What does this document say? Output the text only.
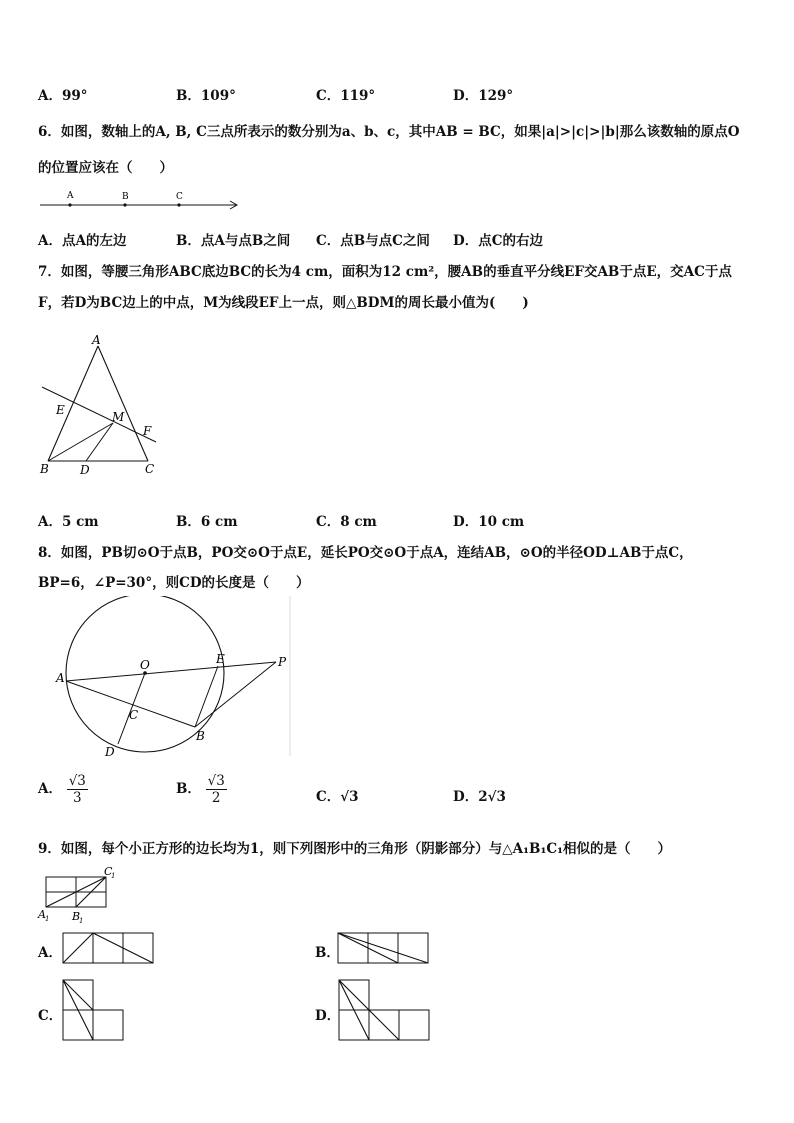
A．99°	B．109°	C．119°	D．129°
6．如图，数轴上的A, B, C三点所表示的数分别为a、b、c，其中AB = BC，如果|a|>|c|>|b|那么该数轴的原点O
的位置应该在（　　）
A	B	C
A．点A的左边	B．点A与点B之间 C．点B与点C之间 D．点C的右边
7．如图，等腰三角形ABC底边BC的长为4 cm，面积为12 cm²，腰AB的垂直平分线EF交AB于点E，交AC于点
F，若D为BC边上的中点，M为线段EF上一点，则△BDM的周长最小值为(　　)
A
B	C
D
E
F
M
A．5 cm	B．6 cm	C．8 cm	D．10 cm
8．如图，PB切⊙O于点B，PO交⊙O于点E，延长PO交⊙O于点A，连结AB，⊙O的半径OD⊥AB于点C，
BP=6，∠P=30°，则CD的长度是（　　）
O
A
B
C
D
E	P
A． $\frac{√3}{3}$	B． $\frac{√3}{2}$	C．√3	D．2√3
9．如图，每个小正方形的边长均为1，则下列图形中的三角形（阴影部分）与△A₁B₁C₁相似的是（　　）
C
1
A 1 B
1
A．	B．
C．	D．
